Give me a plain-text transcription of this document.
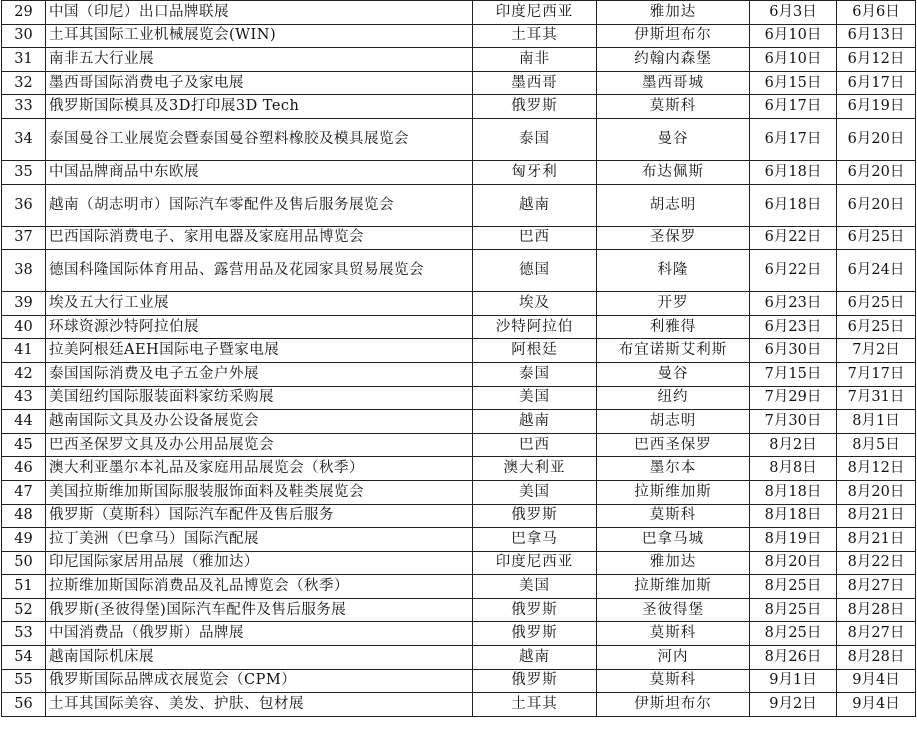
29	中国（印尼）出口品牌联展	印度尼西亚	雅加达	6月3日	6月6日
30	土耳其国际工业机械展览会(WIN)	土耳其	伊斯坦布尔	6月10日	6月13日
31	南非五大行业展	南非	约翰内森堡	6月10日	6月12日
32	墨西哥国际消费电子及家电展	墨西哥	墨西哥城	6月15日	6月17日
33	俄罗斯国际模具及3D打印展3D Tech	俄罗斯	莫斯科	6月17日	6月19日
34	泰国曼谷工业展览会暨泰国曼谷塑料橡胶及模具展览会	泰国	曼谷	6月17日	6月20日
35	中国品牌商品中东欧展	匈牙利	布达佩斯	6月18日	6月20日
36	越南（胡志明市）国际汽车零配件及售后服务展览会	越南	胡志明	6月18日	6月20日
37	巴西国际消费电子、家用电器及家庭用品博览会	巴西	圣保罗	6月22日	6月25日
38	德国科隆国际体育用品、露营用品及花园家具贸易展览会	德国	科隆	6月22日	6月24日
39	埃及五大行工业展	埃及	开罗	6月23日	6月25日
40	环球资源沙特阿拉伯展	沙特阿拉伯	利雅得	6月23日	6月25日
41	拉美阿根廷AEH国际电子暨家电展	阿根廷	布宜诺斯艾利斯	6月30日	7月2日
42	泰国国际消费及电子五金户外展	泰国	曼谷	7月15日	7月17日
43	美国纽约国际服装面料家纺采购展	美国	纽约	7月29日	7月31日
44	越南国际文具及办公设备展览会	越南	胡志明	7月30日	8月1日
45	巴西圣保罗文具及办公用品展览会	巴西	巴西圣保罗	8月2日	8月5日
46	澳大利亚墨尔本礼品及家庭用品展览会（秋季）	澳大利亚	墨尔本	8月8日	8月12日
47	美国拉斯维加斯国际服装服饰面料及鞋类展览会	美国	拉斯维加斯	8月18日	8月20日
48	俄罗斯（莫斯科）国际汽车配件及售后服务	俄罗斯	莫斯科	8月18日	8月21日
49	拉丁美洲（巴拿马）国际汽配展	巴拿马	巴拿马城	8月19日	8月21日
50	印尼国际家居用品展（雅加达）	印度尼西亚	雅加达	8月20日	8月22日
51	拉斯维加斯国际消费品及礼品博览会（秋季）	美国	拉斯维加斯	8月25日	8月27日
52	俄罗斯(圣彼得堡)国际汽车配件及售后服务展	俄罗斯	圣彼得堡	8月25日	8月28日
53	中国消费品（俄罗斯）品牌展	俄罗斯	莫斯科	8月25日	8月27日
54	越南国际机床展	越南	河内	8月26日	8月28日
55	俄罗斯国际品牌成衣展览会（CPM）	俄罗斯	莫斯科	9月1日	9月4日
56	土耳其国际美容、美发、护肤、包材展	土耳其	伊斯坦布尔	9月2日	9月4日
